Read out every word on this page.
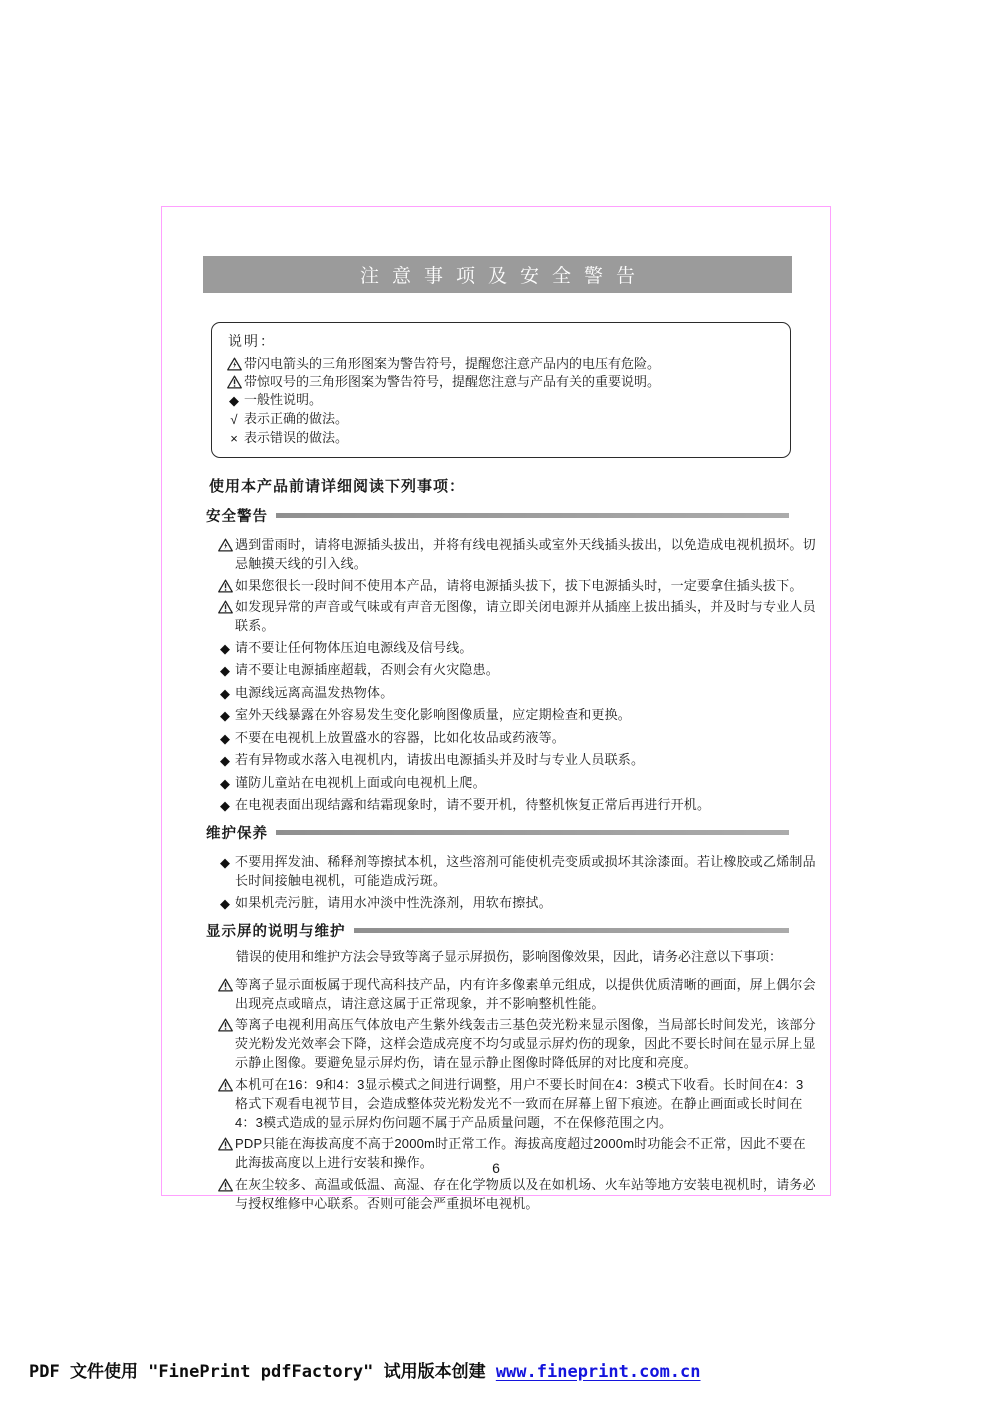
注意事项及安全警告
说明：
带闪电箭头的三角形图案为警告符号，提醒您注意产品内的电压有危险。
带惊叹号的三角形图案为警告符号，提醒您注意与产品有关的重要说明。
◆ 一般性说明。
√ 表示正确的做法。
× 表示错误的做法。
使用本产品前请详细阅读下列事项：
安全警告
遇到雷雨时，请将电源插头拔出，并将有线电视插头或室外天线插头拔出，以免造成电视机损坏。切忌触摸天线的引入线。
如果您很长一段时间不使用本产品，请将电源插头拔下，拔下电源插头时，一定要拿住插头拔下。
如发现异常的声音或气味或有声音无图像，请立即关闭电源并从插座上拔出插头，并及时与专业人员联系。
◆ 请不要让任何物体压迫电源线及信号线。
◆ 请不要让电源插座超载，否则会有火灾隐患。
◆ 电源线远离高温发热物体。
◆ 室外天线暴露在外容易发生变化影响图像质量，应定期检查和更换。
◆ 不要在电视机上放置盛水的容器，比如化妆品或药液等。
◆ 若有异物或水落入电视机内，请拔出电源插头并及时与专业人员联系。
◆ 谨防儿童站在电视机上面或向电视机上爬。
◆ 在电视表面出现结露和结霜现象时，请不要开机，待整机恢复正常后再进行开机。
维护保养
◆ 不要用挥发油、稀释剂等擦拭本机，这些溶剂可能使机壳变质或损坏其涂漆面。若让橡胶或乙烯制品长时间接触电视机，可能造成污斑。
◆ 如果机壳污脏，请用水冲淡中性洗涤剂，用软布擦拭。
显示屏的说明与维护
错误的使用和维护方法会导致等离子显示屏损伤，影响图像效果，因此，请务必注意以下事项：
等离子显示面板属于现代高科技产品，内有许多像素单元组成，以提供优质清晰的画面，屏上偶尔会出现亮点或暗点，请注意这属于正常现象，并不影响整机性能。
等离子电视利用高压气体放电产生紫外线轰击三基色荧光粉来显示图像，当局部长时间发光，该部分荧光粉发光效率会下降，这样会造成亮度不均匀或显示屏灼伤的现象，因此不要长时间在显示屏上显示静止图像。要避免显示屏灼伤，请在显示静止图像时降低屏的对比度和亮度。
本机可在16：9和4：3显示模式之间进行调整，用户不要长时间在4：3模式下收看。长时间在4：3格式下观看电视节目，会造成整体荧光粉发光不一致而在屏幕上留下痕迹。在静止画面或长时间在4：3模式造成的显示屏灼伤问题不属于产品质量问题，不在保修范围之内。
PDP只能在海拔高度不高于2000m时正常工作。海拔高度超过2000m时功能会不正常，因此不要在此海拔高度以上进行安装和操作。
在灰尘较多、高温或低温、高湿、存在化学物质以及在如机场、火车站等地方安装电视机时，请务必与授权维修中心联系。否则可能会严重损坏电视机。
6
PDF 文件使用 "FinePrint pdfFactory" 试用版本创建 www.fineprint.com.cn
